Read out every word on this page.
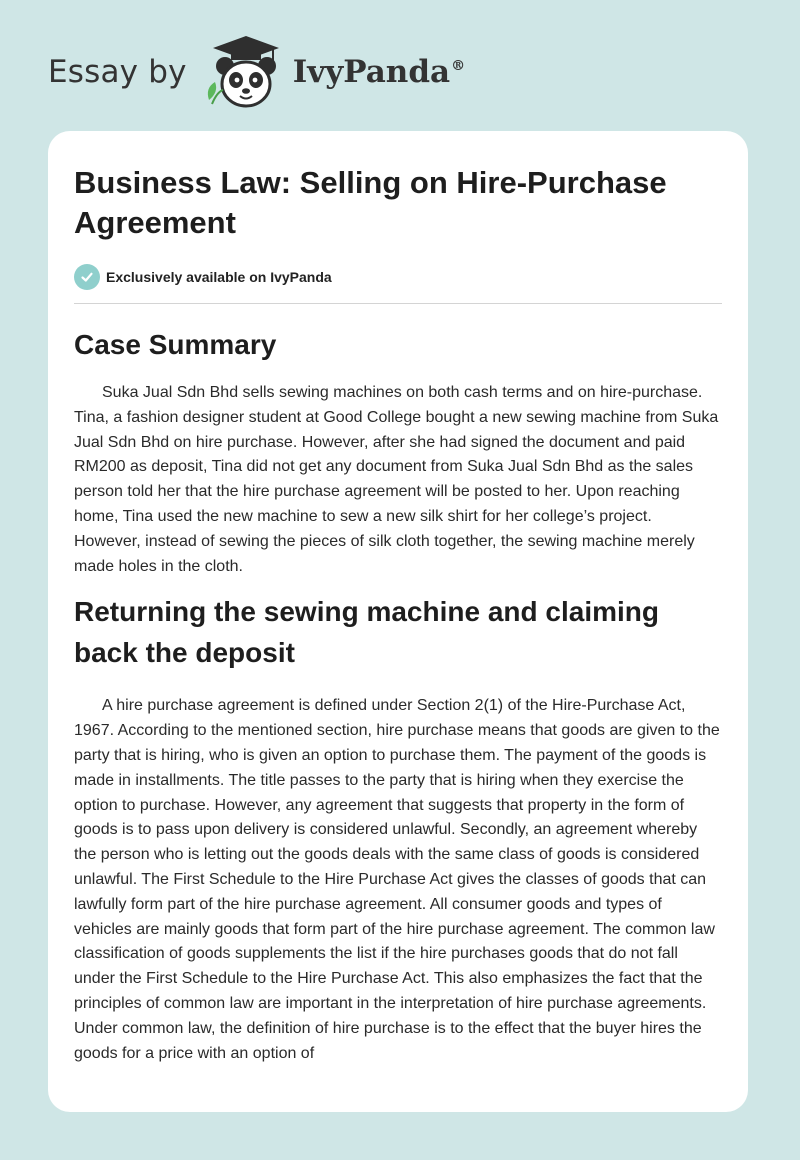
Essay by	IvyPanda®
Business Law: Selling on Hire-Purchase Agreement
Exclusively available on IvyPanda
Case Summary

Suka Jual Sdn Bhd sells sewing machines on both cash terms and on hire-purchase. Tina, a fashion designer student at Good College bought a new sewing machine from Suka Jual Sdn Bhd on hire purchase. However, after she had signed the document and paid RM200 as deposit, Tina did not get any document from Suka Jual Sdn Bhd as the sales person told her that the hire purchase agreement will be posted to her. Upon reaching home, Tina used the new machine to sew a new silk shirt for her college’s project. However, instead of sewing the pieces of silk cloth together, the sewing machine merely made holes in the cloth.

Returning the sewing machine and claiming back the deposit

A hire purchase agreement is defined under Section 2(1) of the Hire-Purchase Act, 1967. According to the mentioned section, hire purchase means that goods are given to the party that is hiring, who is given an option to purchase them. The payment of the goods is made in installments. The title passes to the party that is hiring when they exercise the option to purchase. However, any agreement that suggests that property in the form of goods is to pass upon delivery is considered unlawful. Secondly, an agreement whereby the person who is letting out the goods deals with the same class of goods is considered unlawful. The First Schedule to the Hire Purchase Act gives the classes of goods that can lawfully form part of the hire purchase agreement. All consumer goods and types of vehicles are mainly goods that form part of the hire purchase agreement. The common law classification of goods supplements the list if the hire purchases goods that do not fall under the First Schedule to the Hire Purchase Act. This also emphasizes the fact that the principles of common law are important in the interpretation of hire purchase agreements. Under common law, the definition of hire purchase is to the effect that the buyer hires the goods for a price with an option of
